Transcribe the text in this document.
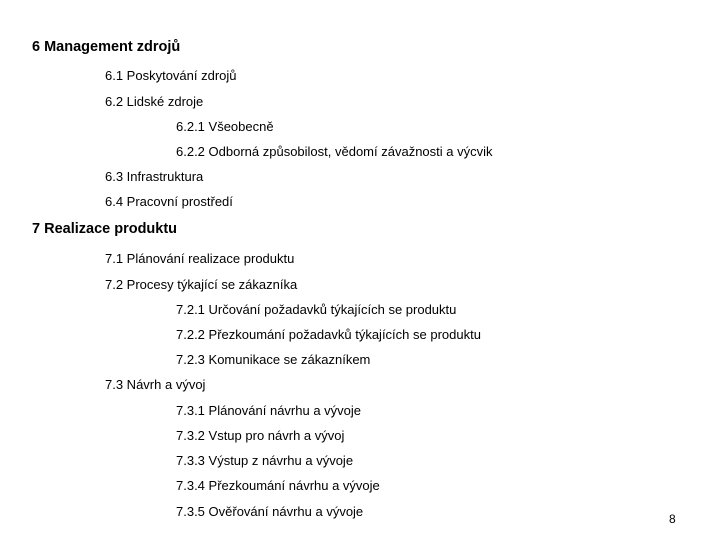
6 Management zdrojů
6.1 Poskytování zdrojů
6.2 Lidské zdroje
6.2.1 Všeobecně
6.2.2 Odborná způsobilost, vědomí závažnosti a výcvik
6.3 Infrastruktura
6.4 Pracovní prostředí
7 Realizace produktu
7.1 Plánování realizace produktu
7.2 Procesy týkající se zákazníka
7.2.1 Určování požadavků týkajících se produktu
7.2.2 Přezkoumání požadavků týkajících se produktu
7.2.3 Komunikace se zákazníkem
7.3 Návrh a vývoj
7.3.1 Plánování návrhu a vývoje
7.3.2 Vstup pro návrh a vývoj
7.3.3 Výstup z návrhu a vývoje
7.3.4 Přezkoumání návrhu a vývoje
7.3.5 Ověřování návrhu a vývoje	8
